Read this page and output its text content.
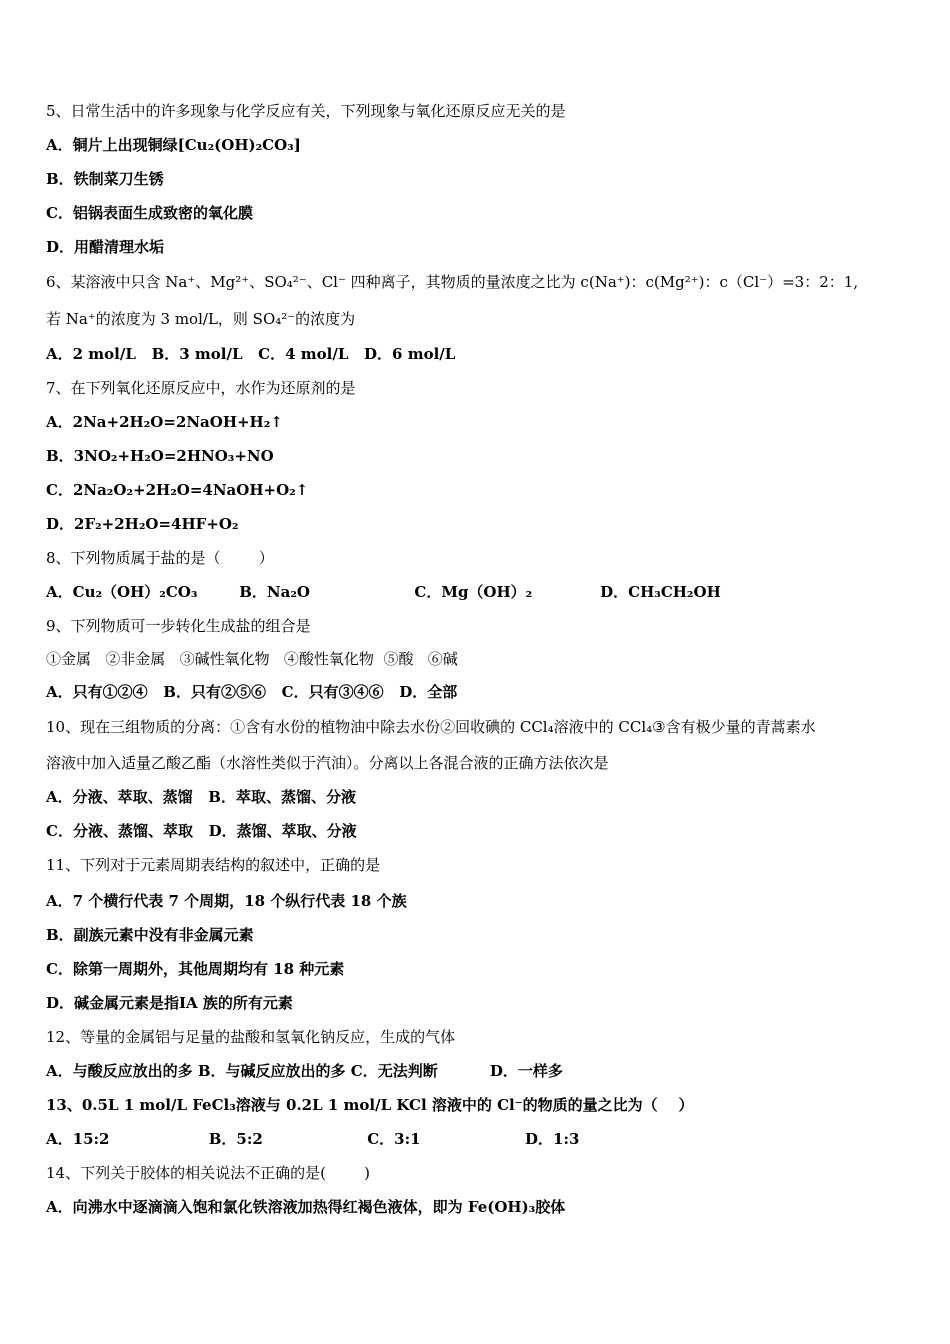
5、日常生活中的许多现象与化学反应有关，下列现象与氧化还原反应无关的是
A．铜片上出现铜绿[Cu₂(OH)₂CO₃]
B．铁制菜刀生锈
C．铝锅表面生成致密的氧化膜
D．用醋清理水垢
6、某溶液中只含 Na⁺、Mg²⁺、SO₄²⁻、Cl⁻ 四种离子，其物质的量浓度之比为 c(Na⁺)：c(Mg²⁺)：c（Cl⁻）=3：2：1,
若 Na⁺的浓度为 3 mol/L，则 SO₄²⁻的浓度为
A．2 mol/L   B．3 mol/L   C．4 mol/L   D．6 mol/L
7、在下列氧化还原反应中，水作为还原剂的是
A．2Na+2H₂O=2NaOH+H₂↑
B．3NO₂+H₂O=2HNO₃+NO
C．2Na₂O₂+2H₂O=4NaOH+O₂↑
D．2F₂+2H₂O=4HF+O₂
8、下列物质属于盐的是（        ）
A．Cu₂（OH）₂CO₃        B．Na₂O                    C．Mg（OH）₂             D．CH₃CH₂OH
9、下列物质可一步转化生成盐的组合是
①金属   ②非金属   ③碱性氧化物   ④酸性氧化物  ⑤酸   ⑥碱
A．只有①②④   B．只有②⑤⑥   C．只有③④⑥   D．全部
10、现在三组物质的分离：①含有水份的植物油中除去水份②回收碘的 CCl₄溶液中的 CCl₄③含有极少量的青蒿素水
溶液中加入适量乙酸乙酯（水溶性类似于汽油）。分离以上各混合液的正确方法依次是
A．分液、萃取、蒸馏   B．萃取、蒸馏、分液
C．分液、蒸馏、萃取   D．蒸馏、萃取、分液
11、下列对于元素周期表结构的叙述中，正确的是
A．7 个横行代表 7 个周期，18 个纵行代表 18 个族
B．副族元素中没有非金属元素
C．除第一周期外，其他周期均有 18 种元素
D．碱金属元素是指ⅠA 族的所有元素
12、等量的金属铝与足量的盐酸和氢氧化钠反应，生成的气体
A．与酸反应放出的多 B．与碱反应放出的多 C．无法判断          D．一样多
13、0.5L 1 mol/L FeCl₃溶液与 0.2L 1 mol/L KCl 溶液中的 Cl⁻的物质的量之比为（    ）
A．15:2                   B．5:2                    C．3:1                    D．1:3
14、下列关于胶体的相关说法不正确的是(        )
A．向沸水中逐滴滴入饱和氯化铁溶液加热得红褐色液体，即为 Fe(OH)₃胶体
